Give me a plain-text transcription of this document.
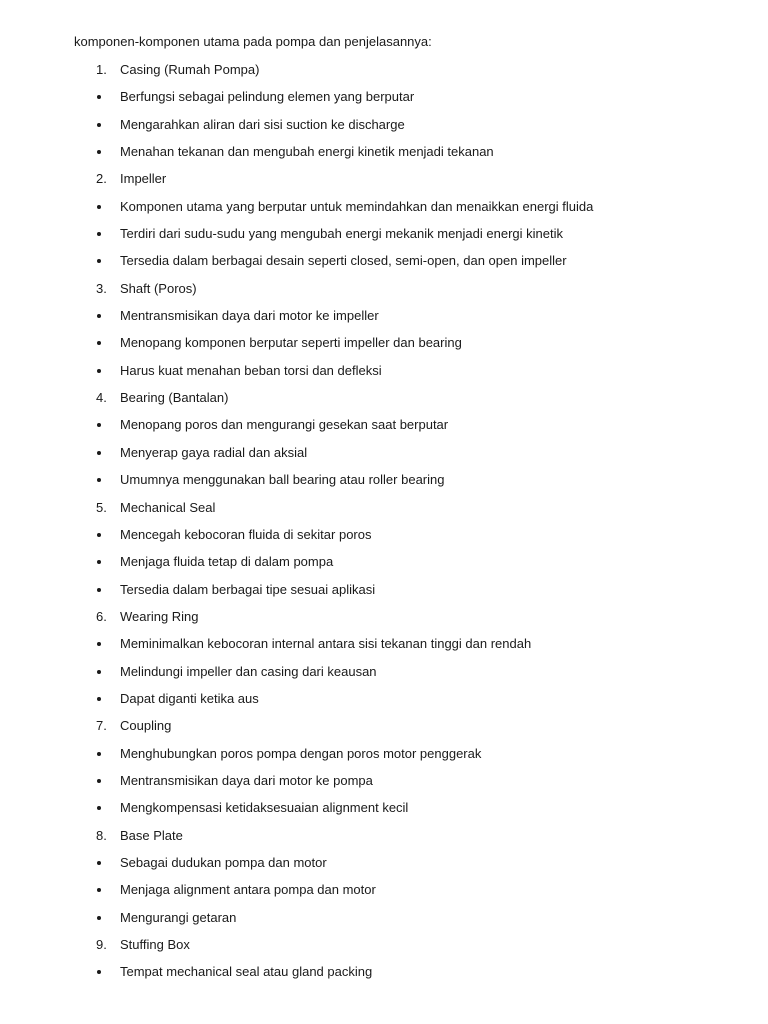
komponen-komponen utama pada pompa dan penjelasannya:
1. Casing (Rumah Pompa)
Berfungsi sebagai pelindung elemen yang berputar
Mengarahkan aliran dari sisi suction ke discharge
Menahan tekanan dan mengubah energi kinetik menjadi tekanan
2. Impeller
Komponen utama yang berputar untuk memindahkan dan menaikkan energi fluida
Terdiri dari sudu-sudu yang mengubah energi mekanik menjadi energi kinetik
Tersedia dalam berbagai desain seperti closed, semi-open, dan open impeller
3. Shaft (Poros)
Mentransmisikan daya dari motor ke impeller
Menopang komponen berputar seperti impeller dan bearing
Harus kuat menahan beban torsi dan defleksi
4. Bearing (Bantalan)
Menopang poros dan mengurangi gesekan saat berputar
Menyerap gaya radial dan aksial
Umumnya menggunakan ball bearing atau roller bearing
5. Mechanical Seal
Mencegah kebocoran fluida di sekitar poros
Menjaga fluida tetap di dalam pompa
Tersedia dalam berbagai tipe sesuai aplikasi
6. Wearing Ring
Meminimalkan kebocoran internal antara sisi tekanan tinggi dan rendah
Melindungi impeller dan casing dari keausan
Dapat diganti ketika aus
7. Coupling
Menghubungkan poros pompa dengan poros motor penggerak
Mentransmisikan daya dari motor ke pompa
Mengkompensasi ketidaksesuaian alignment kecil
8. Base Plate
Sebagai dudukan pompa dan motor
Menjaga alignment antara pompa dan motor
Mengurangi getaran
9. Stuffing Box
Tempat mechanical seal atau gland packing
